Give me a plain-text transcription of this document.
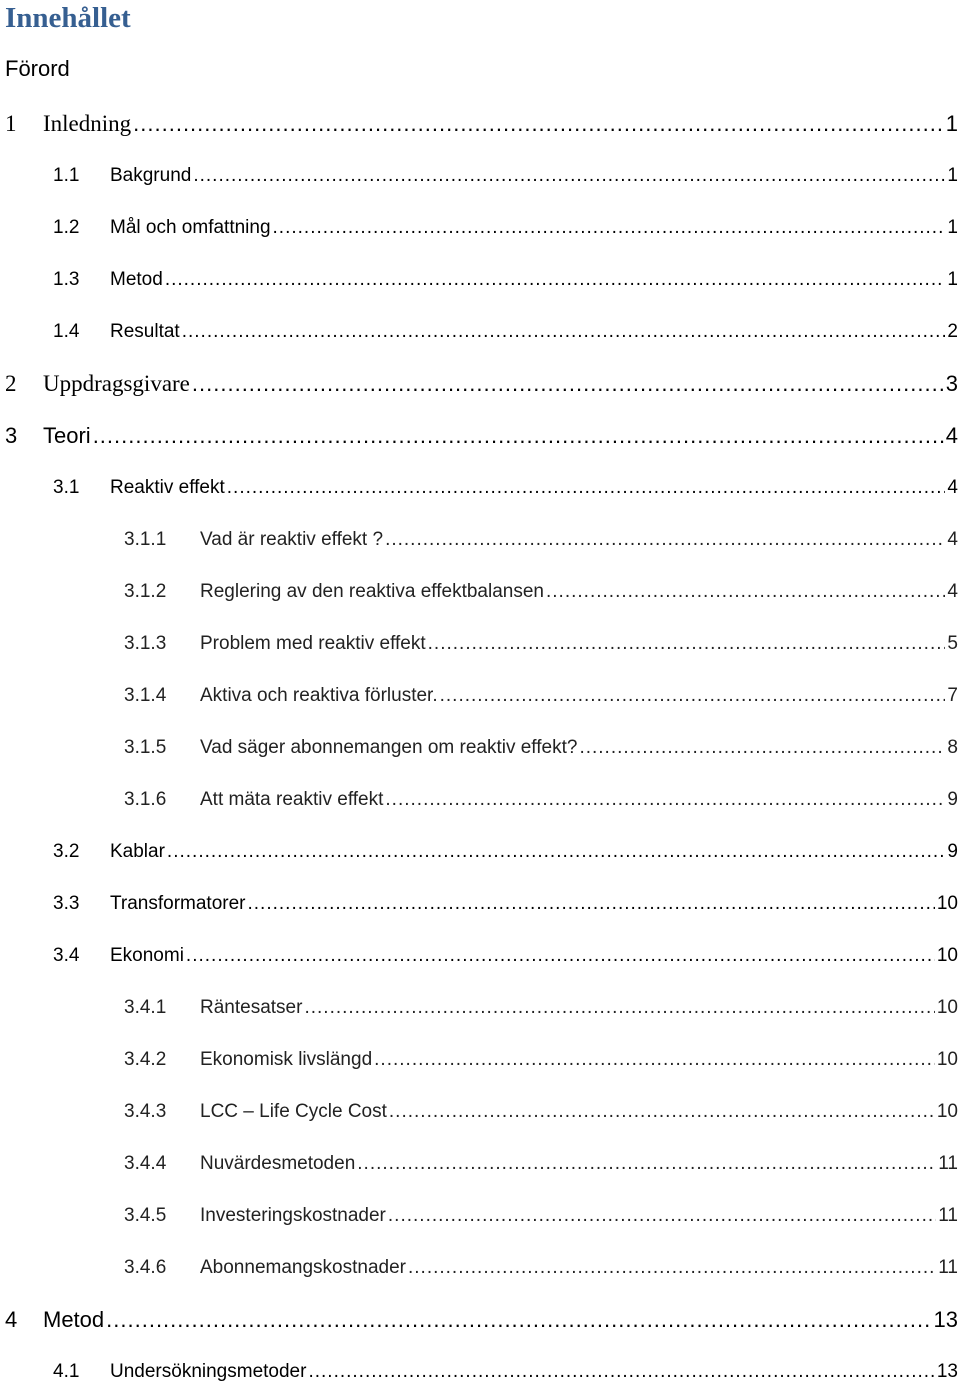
Innehållet
Förord
1 Inledning .....	1
1.1 Bakgrund .....	1
1.2 Mål och omfattning .....	1
1.3 Metod .....	1
1.4 Resultat .....	2
2 Uppdragsgivare .....	3
3 Teori .....	4
3.1 Reaktiv effekt .....	4
3.1.1 Vad är reaktiv effekt ? .....	4
3.1.2 Reglering av den reaktiva effektbalansen .....	4
3.1.3 Problem med reaktiv effekt .....	5
3.1.4 Aktiva och reaktiva förluster. .....	7
3.1.5 Vad säger abonnemangen om reaktiv effekt? .....	8
3.1.6 Att mäta reaktiv effekt .....	9
3.2 Kablar .....	9
3.3 Transformatorer .....	10
3.4 Ekonomi .....	10
3.4.1 Räntesatser .....	10
3.4.2 Ekonomisk livslängd .....	10
3.4.3 LCC – Life Cycle Cost .....	10
3.4.4 Nuvärdesmetoden .....	11
3.4.5 Investeringskostnader .....	11
3.4.6 Abonnemangskostnader .....	11
4 Metod .....	13
4.1 Undersökningsmetoder .....	13
